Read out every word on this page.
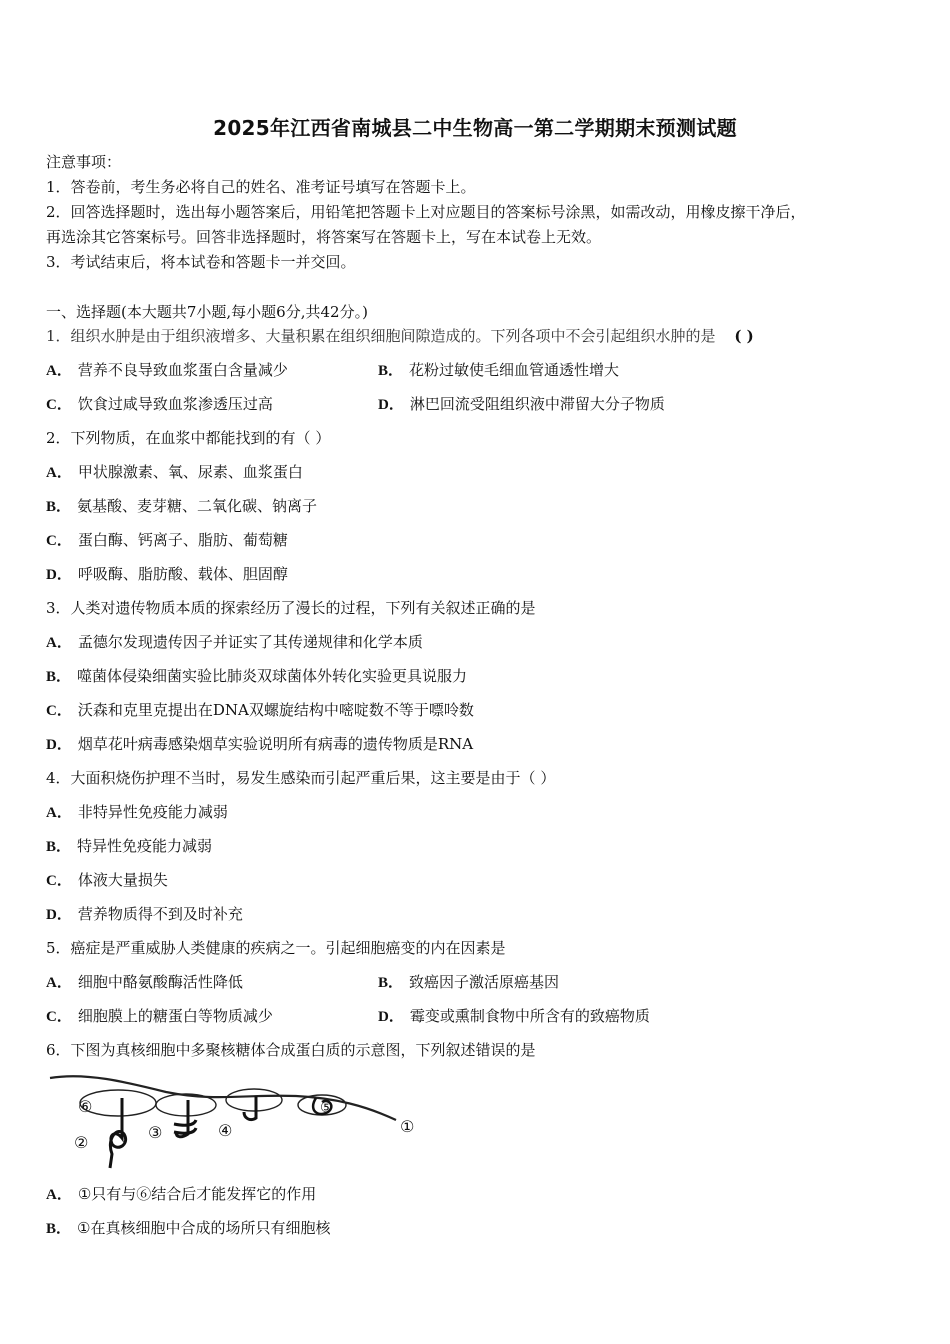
2025年江西省南城县二中生物高一第二学期期末预测试题
注意事项：
1．答卷前，考生务必将自己的姓名、准考证号填写在答题卡上。
2．回答选择题时，选出每小题答案后，用铅笔把答题卡上对应题目的答案标号涂黑，如需改动，用橡皮擦干净后，
再选涂其它答案标号。回答非选择题时，将答案写在答题卡上，写在本试卷上无效。
3．考试结束后，将本试卷和答题卡一并交回。
一、选择题(本大题共7小题,每小题6分,共42分。)
1．组织水肿是由于组织液增多、大量积累在组织细胞间隙造成的。下列各项中不会引起组织水肿的是 ( )
A． 营养不良导致血浆蛋白含量减少	B． 花粉过敏使毛细血管通透性增大
C． 饮食过咸导致血浆渗透压过高	D． 淋巴回流受阻组织液中滞留大分子物质
2．下列物质，在血浆中都能找到的有（ ）
A． 甲状腺激素、氧、尿素、血浆蛋白
B． 氨基酸、麦芽糖、二氧化碳、钠离子
C． 蛋白酶、钙离子、脂肪、葡萄糖
D． 呼吸酶、脂肪酸、载体、胆固醇
3．人类对遗传物质本质的探索经历了漫长的过程，下列有关叙述正确的是
A． 孟德尔发现遗传因子并证实了其传递规律和化学本质
B． 噬菌体侵染细菌实验比肺炎双球菌体外转化实验更具说服力
C． 沃森和克里克提出在DNA双螺旋结构中嘧啶数不等于嘌呤数
D． 烟草花叶病毒感染烟草实验说明所有病毒的遗传物质是RNA
4．大面积烧伤护理不当时，易发生感染而引起严重后果，这主要是由于（ ）
A． 非特异性免疫能力减弱
B． 特异性免疫能力减弱
C． 体液大量损失
D． 营养物质得不到及时补充
5．癌症是严重威胁人类健康的疾病之一。引起细胞癌变的内在因素是
A． 细胞中酪氨酸酶活性降低	B． 致癌因子激活原癌基因
C． 细胞膜上的糖蛋白等物质减少	D． 霉变或熏制食物中所含有的致癌物质
6．下图为真核细胞中多聚核糖体合成蛋白质的示意图，下列叙述错误的是
⑥
②
③	④
⑤
①
A． ①只有与⑥结合后才能发挥它的作用
B． ①在真核细胞中合成的场所只有细胞核
